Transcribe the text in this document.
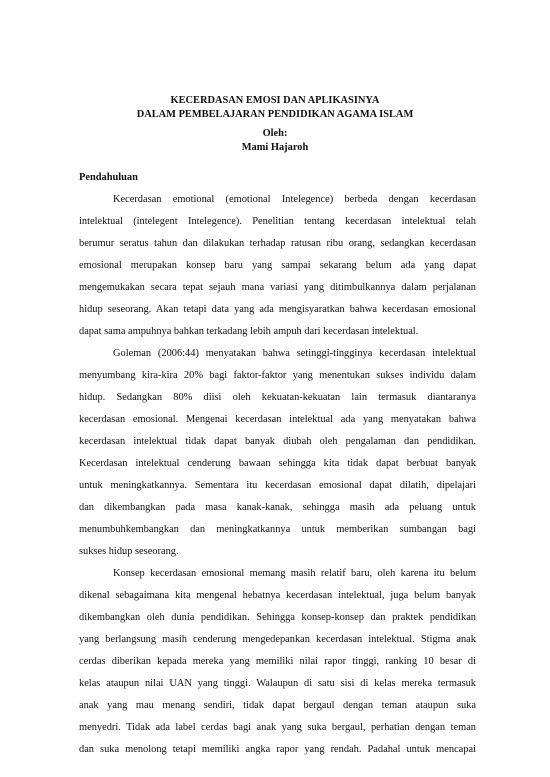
KECERDASAN EMOSI DAN APLIKASINYA
DALAM PEMBELAJARAN PENDIDIKAN AGAMA ISLAM
Oleh:
Mami Hajaroh
Pendahuluan
Kecerdasan emotional (emotional Intelegence) berbeda dengan kecerdasan
intelektual (intelegent Intelegence). Penelitian tentang kecerdasan intelektual telah
berumur seratus tahun dan dilakukan terhadap ratusan ribu orang, sedangkan kecerdasan
emosional merupakan konsep baru yang sampai sekarang belum ada yang dapat
mengemukakan secara tepat sejauh mana variasi yang ditimbulkannya dalam perjalanan
hidup seseorang. Akan tetapi data yang ada mengisyaratkan bahwa kecerdasan emosional
dapat sama ampuhnya bahkan terkadang lebih ampuh dari kecerdasan intelektual.
Goleman (2006:44) menyatakan bahwa setinggi-tingginya kecerdasan intelektual
menyumbang kira-kira 20% bagi faktor-faktor yang menentukan sukses individu dalam
hidup. Sedangkan 80% diisi oleh kekuatan-kekuatan lain termasuk diantaranya
kecerdasan emosional. Mengenai kecerdasan intelektual ada yang menyatakan bahwa
kecerdasan intelektual tidak dapat banyak diubah oleh pengalaman dan pendidikan.
Kecerdasan intelektual cenderung bawaan sehingga kita tidak dapat berbuat banyak
untuk meningkatkannya. Sementara itu kecerdasan emosional dapat dilatih, dipelajari
dan dikembangkan pada masa kanak-kanak, sehingga masih ada peluang untuk
menumbuhkembangkan dan meningkatkannya untuk memberikan sumbangan bagi
sukses hidup seseorang.
Konsep kecerdasan emosional memang masih relatif baru, oleh karena itu belum
dikenal sebagaimana kita mengenal hebatnya kecerdasan intelektual, juga belum banyak
dikembangkan oleh dunia pendidikan. Sehingga konsep-konsep dan praktek pendidikan
yang berlangsung masih cenderung mengedepankan kecerdasan intelektual. Stigma anak
cerdas diberikan kepada mereka yang memiliki nilai rapor tinggi, ranking 10 besar di
kelas ataupun nilai UAN yang tinggi. Walaupun di satu sisi di kelas mereka termasuk
anak yang mau menang sendiri, tidak dapat bergaul dengan teman ataupun suka
menyedri. Tidak ada label cerdas bagi anak yang suka bergaul, perhatian dengan teman
dan suka menolong tetapi memiliki angka rapor yang rendah. Padahal untuk mencapai
